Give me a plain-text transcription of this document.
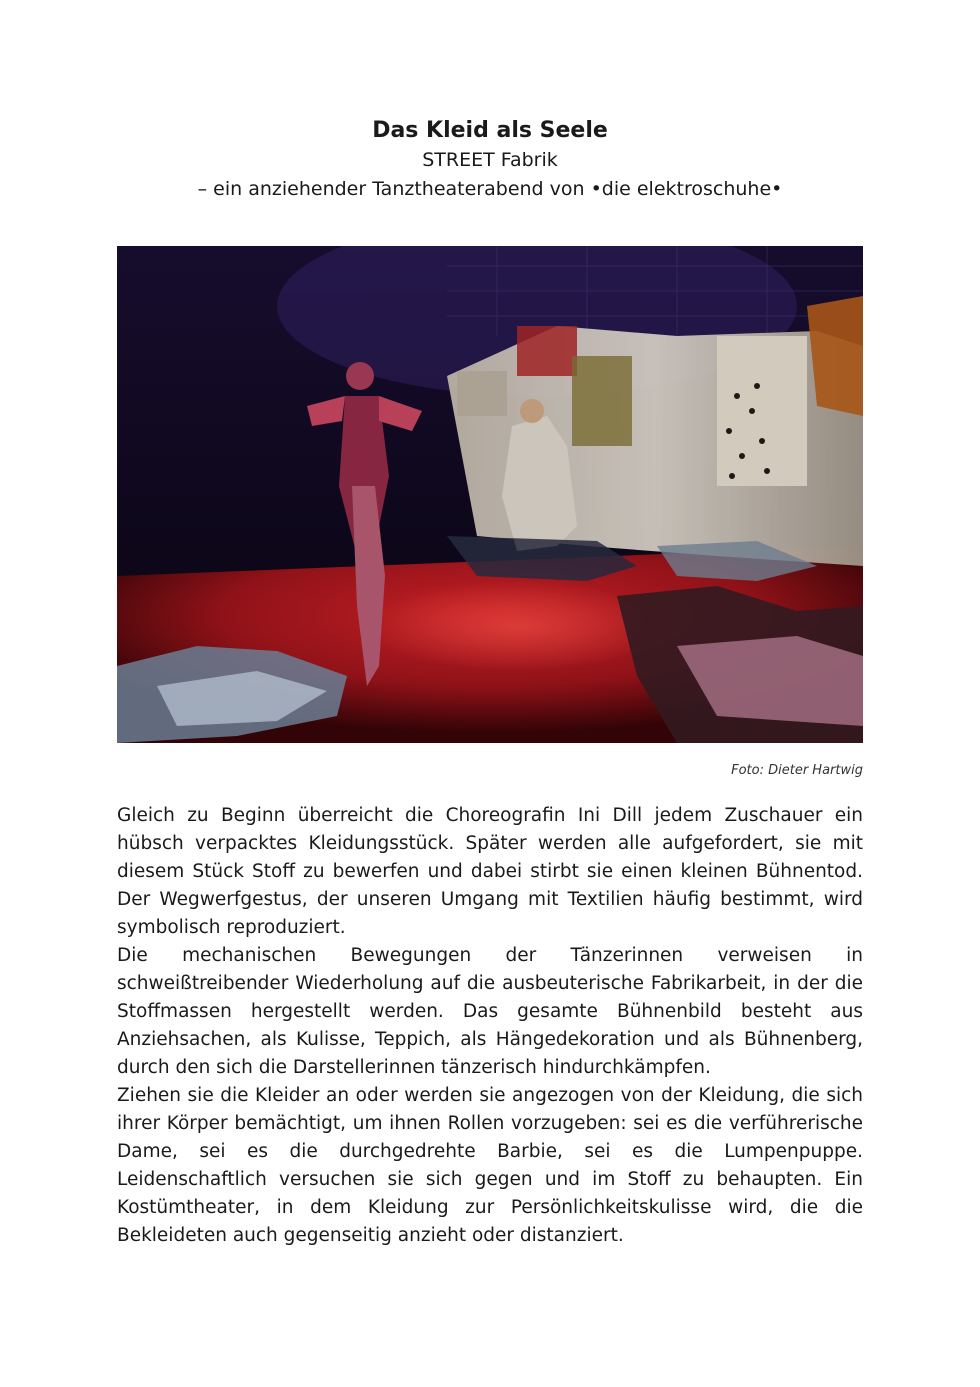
Das Kleid als Seele

STREET Fabrik

– ein anziehender Tanztheaterabend von •die elektroschuhe•

Foto: Dieter Hartwig

Gleich zu Beginn überreicht die Choreografin Ini Dill jedem Zuschauer ein hübsch verpacktes Kleidungsstück. Später werden alle aufgefordert, sie mit diesem Stück Stoff zu bewerfen und dabei stirbt sie einen kleinen Bühnentod. Der Wegwerfgestus, der unseren Umgang mit Textilien häufig bestimmt, wird symbolisch reproduziert.

Die mechanischen Bewegungen der Tänzerinnen verweisen in schweißtreibender Wiederholung auf die ausbeuterische Fabrikarbeit, in der die Stoffmassen hergestellt werden. Das gesamte Bühnenbild besteht aus Anziehsachen, als Kulisse, Teppich, als Hängedekoration und als Bühnenberg, durch den sich die Darstellerinnen tänzerisch hindurchkämpfen.

Ziehen sie die Kleider an oder werden sie angezogen von der Kleidung, die sich ihrer Körper bemächtigt, um ihnen Rollen vorzugeben: sei es die verführerische Dame, sei es die durchgedrehte Barbie, sei es die Lumpenpuppe. Leidenschaftlich versuchen sie sich gegen und im Stoff zu behaupten. Ein Kostümtheater, in dem Kleidung zur Persönlichkeitskulisse wird, die die Bekleideten auch gegenseitig anzieht oder distanziert.
